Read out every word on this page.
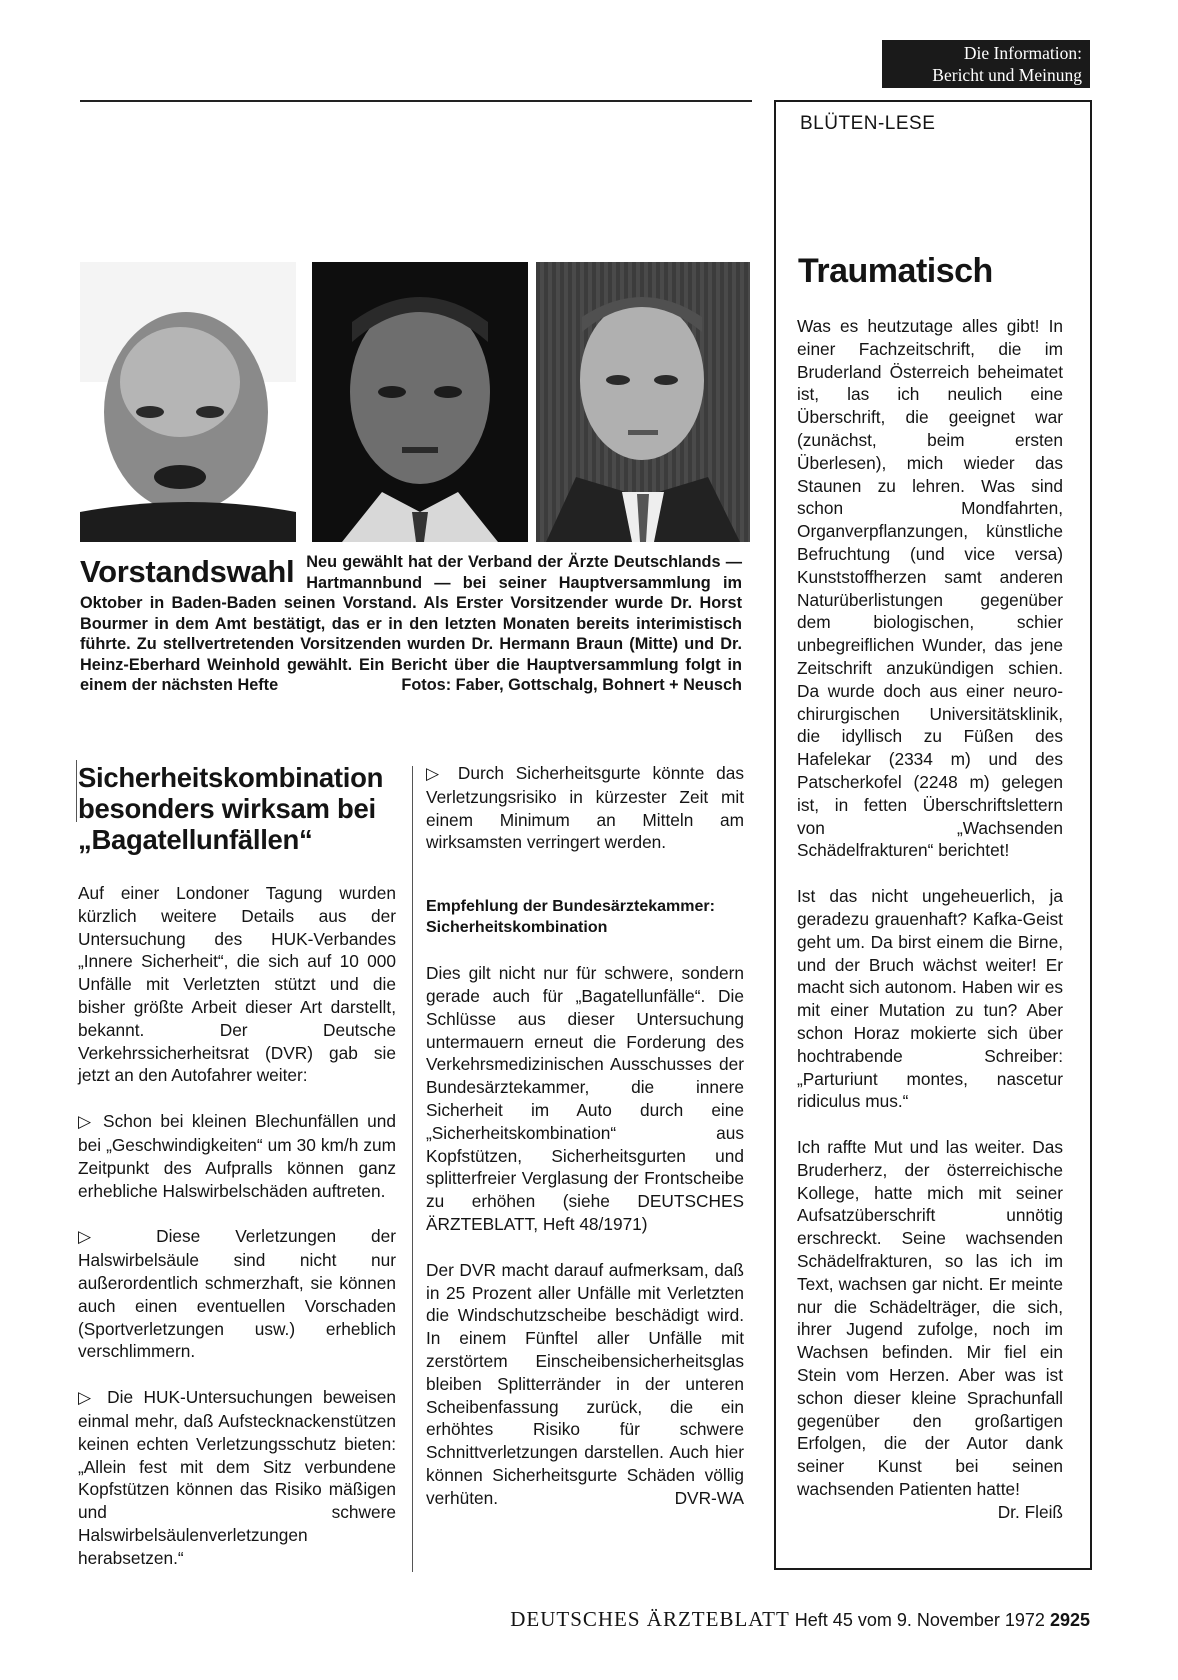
Die Information:
Bericht und Meinung
BLÜTEN-LESE
Traumatisch

Was es heutzutage alles gibt! In einer Fachzeitschrift, die im Bruderland Österreich beheimatet ist, las ich neulich eine Überschrift, die geeignet war (zunächst, beim ersten Überlesen), mich wieder das Staunen zu lehren. Was sind schon Mondfahrten, Organverpflanzungen, künstliche Befruchtung (und vice versa) Kunststoffherzen samt anderen Naturüberlistungen gegenüber dem biologischen, schier unbegreiflichen Wunder, das jene Zeitschrift anzukündigen schien. Da wurde doch aus einer neuro-chirurgischen Universitätsklinik, die idyllisch zu Füßen des Hafelekar (2334 m) und des Patscherkofel (2248 m) gelegen ist, in fetten Überschriftslettern von „Wachsenden Schädelfrakturen“ berichtet!

Ist das nicht ungeheuerlich, ja geradezu grauenhaft? Kafka-Geist geht um. Da birst einem die Birne, und der Bruch wächst weiter! Er macht sich autonom. Haben wir es mit einer Mutation zu tun? Aber schon Horaz mokierte sich über hochtrabende Schreiber: „Parturiunt montes, nascetur ridiculus mus.“

Ich raffte Mut und las weiter. Das Bruderherz, der österreichische Kollege, hatte mich mit seiner Aufsatzüberschrift unnötig erschreckt. Seine wachsenden Schädelfrakturen, so las ich im Text, wachsen gar nicht. Er meinte nur die Schädelträger, die sich, ihrer Jugend zufolge, noch im Wachsen befinden. Mir fiel ein Stein vom Herzen. Aber was ist schon dieser kleine Sprachunfall gegenüber den großartigen Erfolgen, die der Autor dank seiner Kunst bei seinen wachsenden Patienten hatte!
Dr. Fleiß

Vorstandswahl Neu gewählt hat der Verband der Ärzte Deutschlands — Hartmannbund — bei seiner Hauptversammlung im Oktober in Baden-Baden seinen Vorstand. Als Erster Vorsitzender wurde Dr. Horst Bourmer in dem Amt bestätigt, das er in den letzten Monaten bereits interimistisch führte. Zu stellvertretenden Vorsitzenden wurden Dr. Hermann Braun (Mitte) und Dr. Heinz-Eberhard Weinhold gewählt. Ein Bericht über die Hauptversammlung folgt in einem der nächsten Hefte	Fotos: Faber, Gottschalg, Bohnert + Neusch
Sicherheitskombination besonders wirksam bei „Bagatellunfällen“

Auf einer Londoner Tagung wurden kürzlich weitere Details aus der Untersuchung des HUK-Verbandes „Innere Sicherheit“, die sich auf 10 000 Unfälle mit Verletzten stützt und die bisher größte Arbeit dieser Art darstellt, bekannt. Der Deutsche Verkehrssicherheitsrat (DVR) gab sie jetzt an den Autofahrer weiter:

▷ Schon bei kleinen Blechunfällen und bei „Geschwindigkeiten“ um 30 km/h zum Zeitpunkt des Aufpralls können ganz erhebliche Halswirbelschäden auftreten.

▷ Diese Verletzungen der Halswirbelsäule sind nicht nur außerordentlich schmerzhaft, sie können auch einen eventuellen Vorschaden (Sportverletzungen usw.) erheblich verschlimmern.

▷ Die HUK-Untersuchungen beweisen einmal mehr, daß Aufstecknackenstützen keinen echten Verletzungsschutz bieten: „Allein fest mit dem Sitz verbundene Kopfstützen können das Risiko mäßigen und schwere Halswirbelsäulenverletzungen herabsetzen.“

▷ Durch Sicherheitsgurte könnte das Verletzungsrisiko in kürzester Zeit mit einem Minimum an Mitteln am wirksamsten verringert werden.

Empfehlung der Bundesärztekammer: Sicherheitskombination

Dies gilt nicht nur für schwere, sondern gerade auch für „Bagatellunfälle“. Die Schlüsse aus dieser Untersuchung untermauern erneut die Forderung des Verkehrsmedizinischen Ausschusses der Bundesärztekammer, die innere Sicherheit im Auto durch eine „Sicherheitskombination“ aus Kopfstützen, Sicherheitsgurten und splitterfreier Verglasung der Frontscheibe zu erhöhen (siehe DEUTSCHES ÄRZTEBLATT, Heft 48/1971)

Der DVR macht darauf aufmerksam, daß in 25 Prozent aller Unfälle mit Verletzten die Windschutzscheibe beschädigt wird. In einem Fünftel aller Unfälle mit zerstörtem Einscheibensicherheitsglas bleiben Splitterränder in der unteren Scheibenfassung zurück, die ein erhöhtes Risiko für schwere Schnittverletzungen darstellen. Auch hier können Sicherheitsgurte Schäden völlig verhüten.	DVR-WA

DEUTSCHES ÄRZTEBLATT Heft 45 vom 9. November 1972 2925
